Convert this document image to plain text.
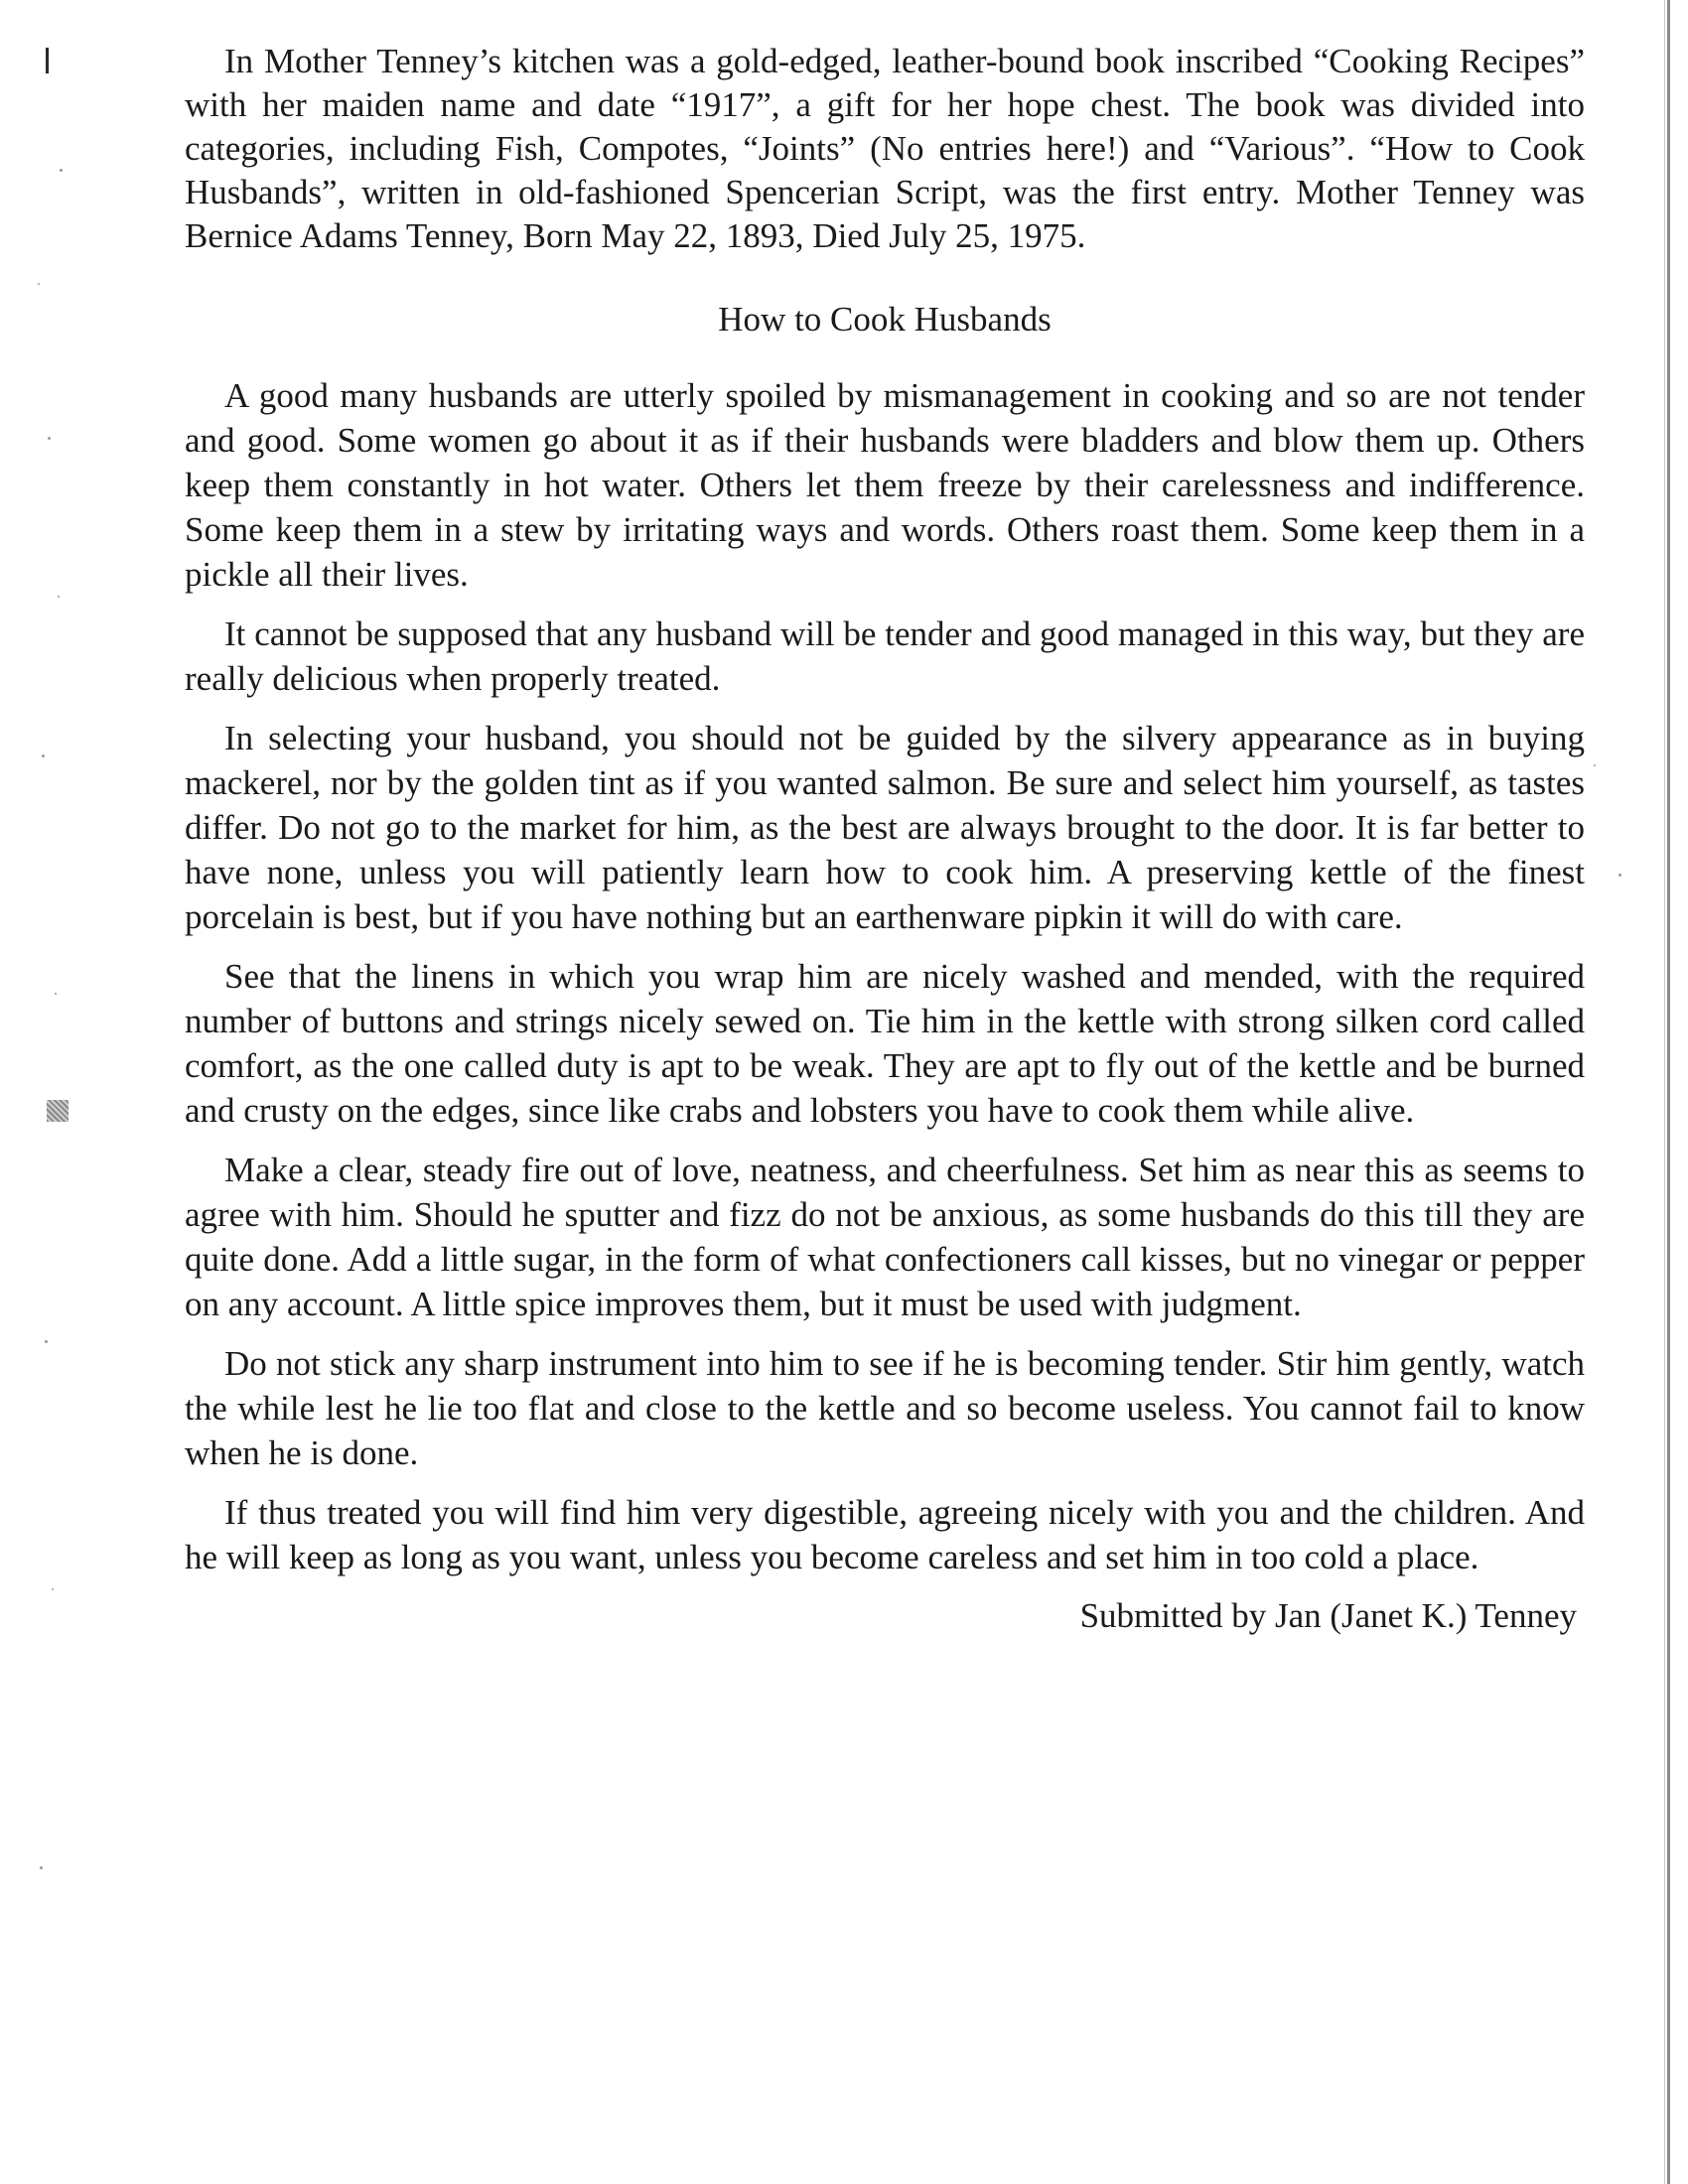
In Mother Tenney’s kitchen was a gold-edged, leather-bound book inscribed “Cooking Recipes” with her maiden name and date “1917”, a gift for her hope chest. The book was divided into categories, including Fish, Compotes, “Joints” (No entries here!) and “Various”. “How to Cook Husbands”, written in old-fashioned Spencerian Script, was the first entry. Mother Tenney was Bernice Adams Tenney, Born May 22, 1893, Died July 25, 1975.

How to Cook Husbands

A good many husbands are utterly spoiled by mismanagement in cooking and so are not tender and good. Some women go about it as if their husbands were bladders and blow them up. Others keep them constantly in hot water. Others let them freeze by their carelessness and indifference. Some keep them in a stew by irritating ways and words. Others roast them. Some keep them in a pickle all their lives.

It cannot be supposed that any husband will be tender and good managed in this way, but they are really delicious when properly treated.

In selecting your husband, you should not be guided by the silvery appearance as in buying mackerel, nor by the golden tint as if you wanted salmon. Be sure and select him yourself, as tastes differ. Do not go to the market for him, as the best are always brought to the door. It is far better to have none, unless you will patiently learn how to cook him. A preserving kettle of the finest porcelain is best, but if you have nothing but an earthenware pipkin it will do with care.

See that the linens in which you wrap him are nicely washed and mended, with the required number of buttons and strings nicely sewed on. Tie him in the kettle with strong silken cord called comfort, as the one called duty is apt to be weak. They are apt to fly out of the kettle and be burned and crusty on the edges, since like crabs and lobsters you have to cook them while alive.

Make a clear, steady fire out of love, neatness, and cheerfulness. Set him as near this as seems to agree with him. Should he sputter and fizz do not be anxious, as some husbands do this till they are quite done. Add a little sugar, in the form of what confectioners call kisses, but no vinegar or pepper on any account. A little spice improves them, but it must be used with judgment.

Do not stick any sharp instrument into him to see if he is becoming tender. Stir him gently, watch the while lest he lie too flat and close to the kettle and so become useless. You cannot fail to know when he is done.

If thus treated you will find him very digestible, agreeing nicely with you and the children. And he will keep as long as you want, unless you become careless and set him in too cold a place.

Submitted by Jan (Janet K.) Tenney
